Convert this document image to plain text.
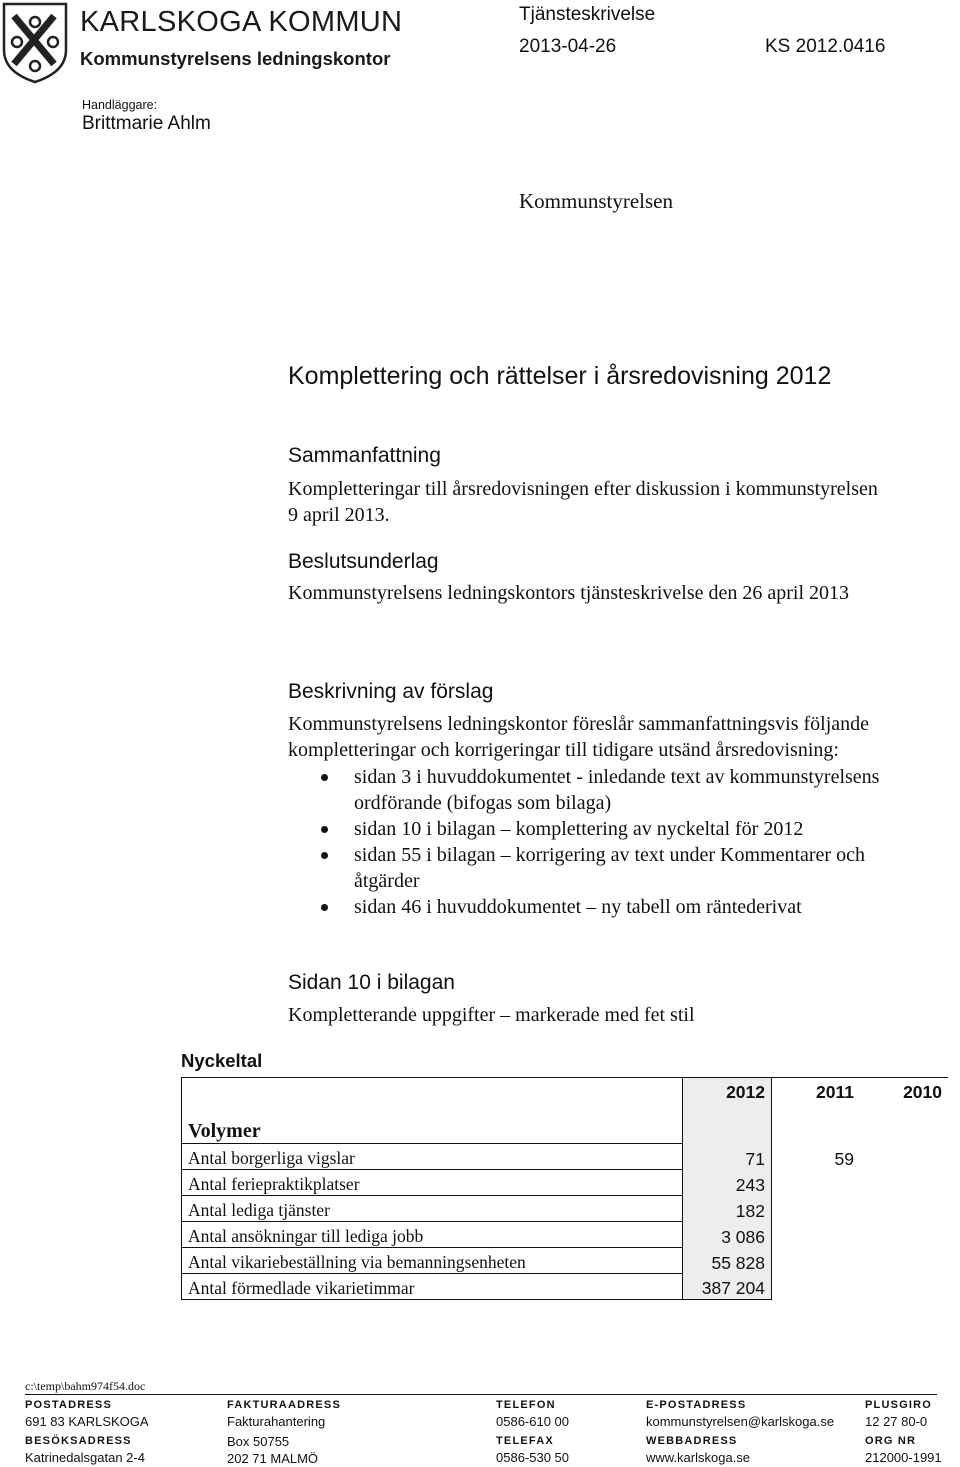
KARLSKOGA KOMMUN
Kommunstyrelsens ledningskontor
Tjänsteskrivelse
2013-04-26	KS 2012.0416
Handläggare:
Brittmarie Ahlm
Kommunstyrelsen
Komplettering och rättelser i årsredovisning 2012
Sammanfattning
Kompletteringar till årsredovisningen efter diskussion i kommunstyrelsen
9 april 2013.
Beslutsunderlag
Kommunstyrelsens ledningskontors tjänsteskrivelse den 26 april 2013
Beskrivning av förslag
Kommunstyrelsens ledningskontor föreslår sammanfattningsvis följande
kompletteringar och korrigeringar till tidigare utsänd årsredovisning:
sidan 3 i huvuddokumentet - inledande text av kommunstyrelsens
ordförande (bifogas som bilaga)
sidan 10 i bilagan – komplettering av nyckeltal för 2012
sidan 55 i bilagan – korrigering av text under Kommentarer och
åtgärder
sidan 46 i huvuddokumentet – ny tabell om räntederivat
Sidan 10 i bilagan
Kompletterande uppgifter – markerade med fet stil
Nyckeltal
	2012	2011	2010
Volymer			
Antal borgerliga vigslar	71	59	
Antal feriepraktikplatser	243		
Antal lediga tjänster	182		
Antal ansökningar till lediga jobb	3 086		
Antal vikariebeställning via bemanningsenheten	55 828		
Antal förmedlade vikarietimmar	387 204		
c:\temp\bahm974f54.doc
POSTADRESS
691 83 KARLSKOGA
BESÖKSADRESS
Katrinedalsgatan 2-4
FAKTURAADRESS
Fakturahantering
Box 50755
202 71 MALMÖ
TELEFON
0586-610 00
TELEFAX
0586-530 50
E-POSTADRESS
kommunstyrelsen@karlskoga.se
WEBBADRESS
www.karlskoga.se
PLUSGIRO
12 27 80-0
ORG NR
212000-1991
